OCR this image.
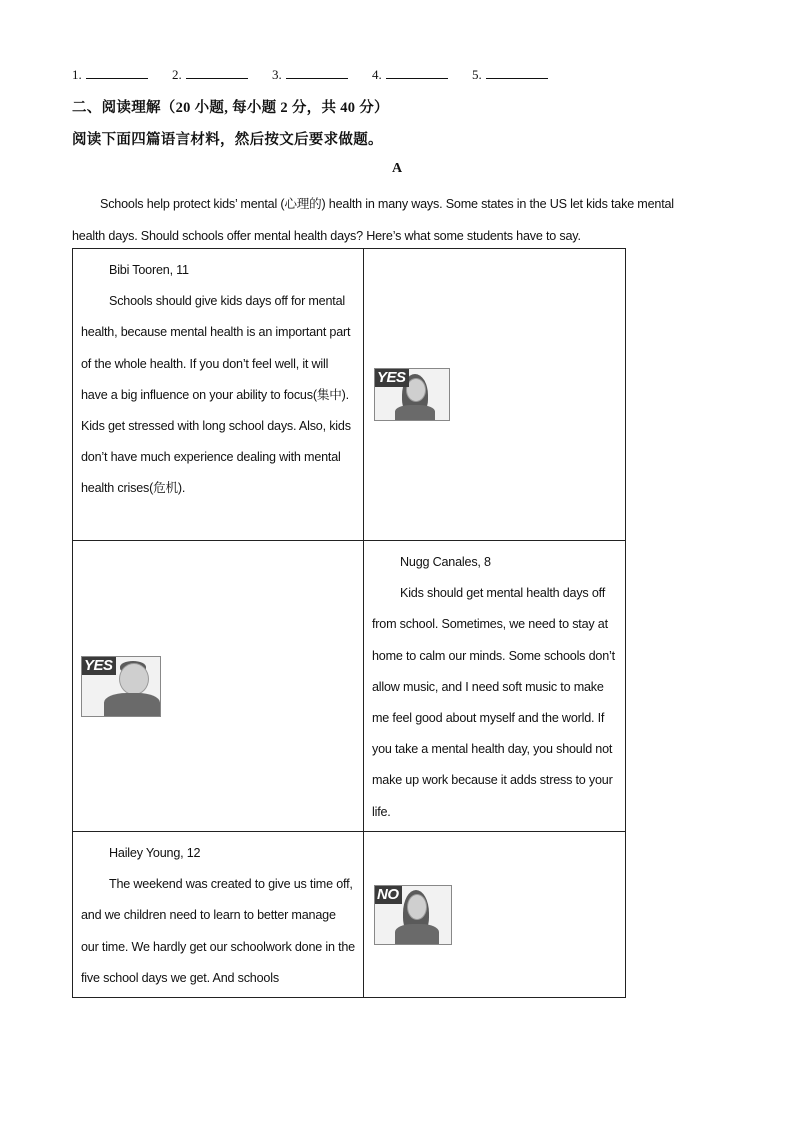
1.	2.	3.	4.	5.
二、阅读理解（20 小题, 每小题 2 分，共 40 分）
阅读下面四篇语言材料，然后按文后要求做题。
A
Schools help protect kids’ mental (心理的) health in many ways. Some states in the US let kids take mental health days. Should schools offer mental health days? Here’s what some students have to say.
Bibi Tooren, 11
Schools should give kids days off for mental health, because mental health is an important part of the whole health. If you don’t feel well, it will have a big influence on your ability to focus(集中). Kids get stressed with long school days. Also, kids don’t have much experience dealing with mental health crises(危机).	YES

YES	Nugg Canales, 8
Kids should get mental health days off from school. Sometimes, we need to stay at home to calm our minds. Some schools don’t allow music, and I need soft music to make me feel good about myself and the world. If you take a mental health day, you should not make up work because it adds stress to your life.

Hailey Young, 12
The weekend was created to give us time off, and we children need to learn to better manage our time. We hardly get our schoolwork done in the five school days we get. And schools	NO
